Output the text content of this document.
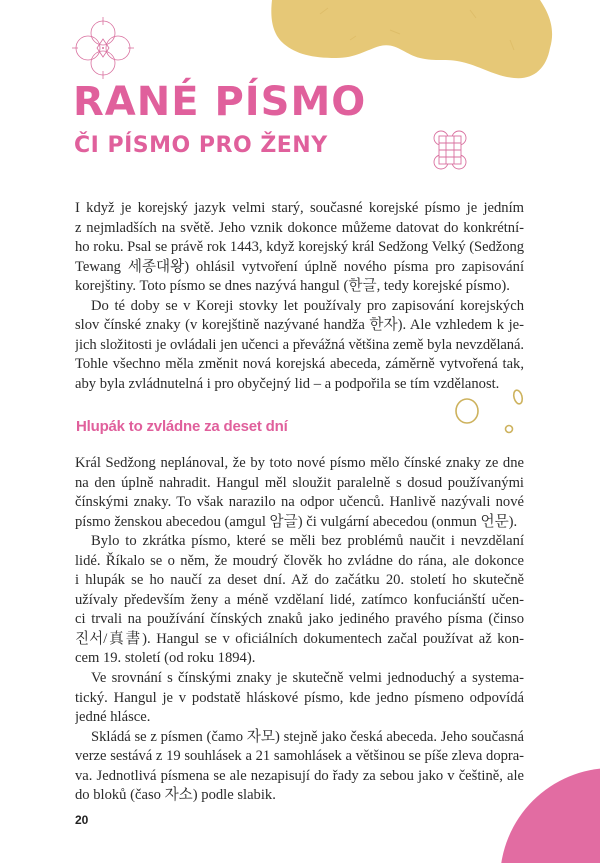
RANÉ PÍSMO
ČI PÍSMO PRO ŽENY
I když je korejský jazyk velmi starý, současné korejské písmo je jedním
z nejmladších na světě. Jeho vznik dokonce můžeme datovat do konkrétní-
ho roku. Psal se právě rok 1443, když korejský král Sedžong Velký (Sedžong
Tewang 세종대왕) ohlásil vytvoření úplně nového písma pro zapisování
korejštiny. Toto písmo se dnes nazývá hangul (한글, tedy korejské písmo).
Do té doby se v Koreji stovky let používaly pro zapisování korejských
slov čínské znaky (v korejštině nazývané handža 한자). Ale vzhledem k je-
jich složitosti je ovládali jen učenci a převážná většina země byla nevzdělaná.
Tohle všechno měla změnit nová korejská abeceda, záměrně vytvořená tak,
aby byla zvládnutelná i pro obyčejný lid – a podpořila se tím vzdělanost.
Hlupák to zvládne za deset dní
Král Sedžong neplánoval, že by toto nové písmo mělo čínské znaky ze dne
na den úplně nahradit. Hangul měl sloužit paralelně s dosud používanými
čínskými znaky. To však narazilo na odpor učenců. Hanlivě nazývali nové
písmo ženskou abecedou (amgul 암글) či vulgární abecedou (onmun 언문).
Bylo to zkrátka písmo, které se měli bez problémů naučit i nevzdělaní
lidé. Říkalo se o něm, že moudrý člověk ho zvládne do rána, ale dokonce
i hlupák se ho naučí za deset dní. Až do začátku 20. století ho skutečně
užívaly především ženy a méně vzdělaní lidé, zatímco konfuciánští učen-
ci trvali na používání čínských znaků jako jediného pravého písma (činso
진서/真書). Hangul se v oficiálních dokumentech začal používat až kon-
cem 19. století (od roku 1894).
Ve srovnání s čínskými znaky je skutečně velmi jednoduchý a systema-
tický. Hangul je v podstatě hláskové písmo, kde jedno písmeno odpovídá
jedné hlásce.
Skládá se z písmen (čamo 자모) stejně jako česká abeceda. Jeho současná
verze sestává z 19 souhlásek a 21 samohlásek a většinou se píše zleva dopra-
va. Jednotlivá písmena se ale nezapisují do řady za sebou jako v češtině, ale
do bloků (časo 자소) podle slabik.
20
